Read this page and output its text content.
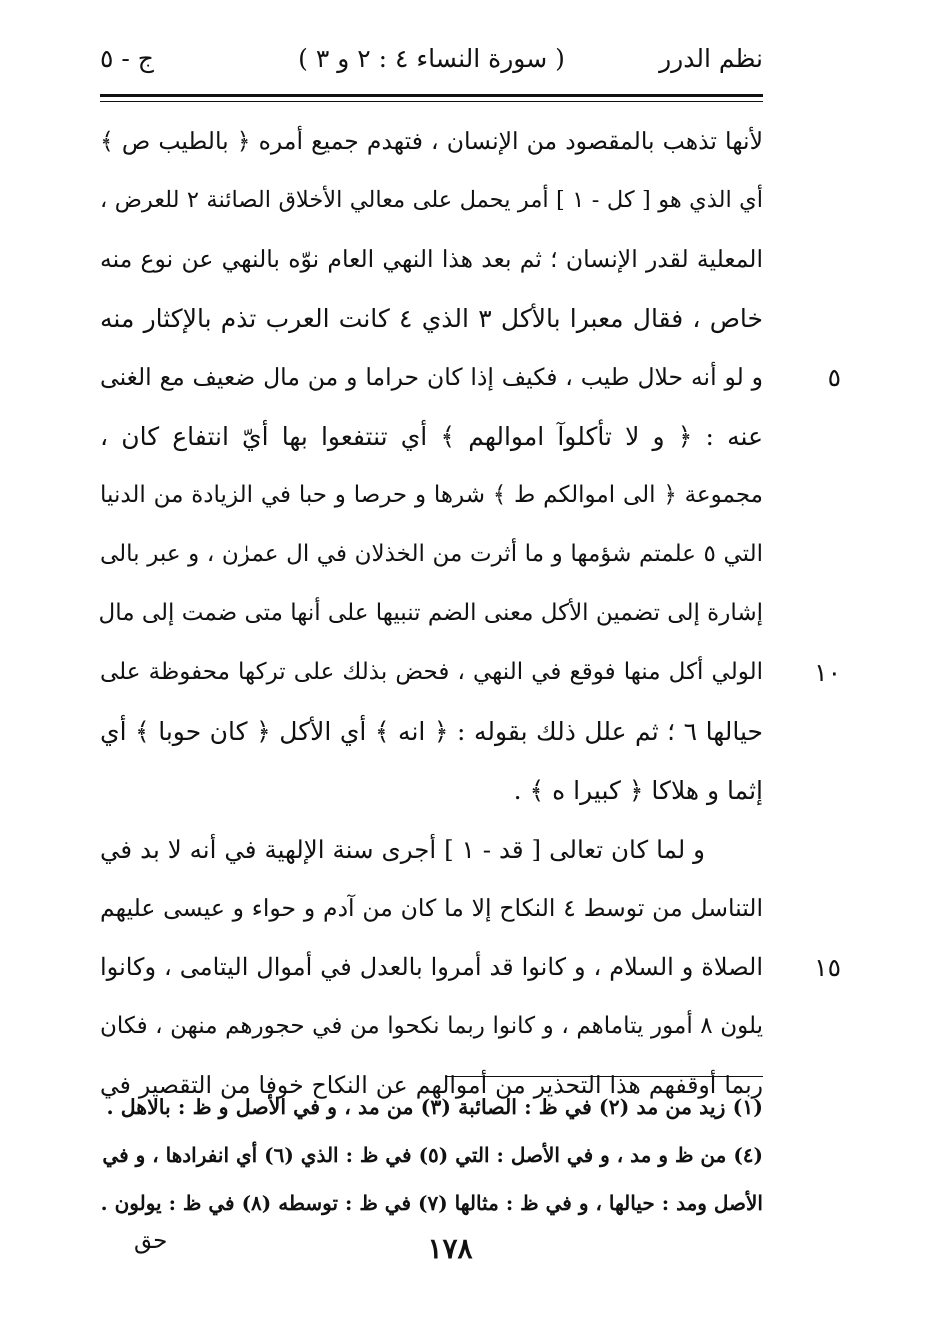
نظم الدرر
( سورة النساء ٤ : ٢ و ٣ )
ج - ٥
لأنها تذهب بالمقصود من الإنسان ، فتهدم جميع أمره ﴿ بالطيب ص ﴾
أي الذي هو [ كل - ١ ] أمر يحمل على معالي الأخلاق الصائنة ٢ للعرض ،
المعلية لقدر الإنسان ؛ ثم بعد هذا النهي العام نوّه بالنهي عن نوع منه
خاص ، فقال معبرا بالأكل ٣ الذي ٤ كانت العرب تذم بالإكثار منه
٥
و لو أنه حلال طيب ، فكيف إذا كان حراما و من مال ضعيف مع الغنى
عنه : ﴿ و لا تأكلوآ اموالهم ﴾ أي تنتفعوا بها أيّ انتفاع كان ،
مجموعة ﴿ الى اموالكم ط ﴾ شرها و حرصا و حبا في الزيادة من الدنيا
التي ٥ علمتم شؤمها و ما أثرت من الخذلان في ال عمرٰن ، و عبر بالى
إشارة إلى تضمين الأكل معنى الضم تنبيها على أنها متى ضمت إلى مال
١٠
الولي أكل منها فوقع في النهي ، فحض بذلك على تركها محفوظة على
حيالها ٦ ؛ ثم علل ذلك بقوله : ﴿ انه ﴾ أي الأكل ﴿ كان حوبا ﴾ أي
إثما و هلاكا ﴿ كبيرا ه ﴾ .
و لما كان تعالى [ قد - ١ ] أجرى سنة الإلهية في أنه لا بد في
التناسل من توسط ٤ النكاح إلا ما كان من آدم و حواء و عيسى عليهم
١٥
الصلاة و السلام ، و كانوا قد أمروا بالعدل في أموال اليتامى ، وكانوا
يلون ٨ أمور يتاماهم ، و كانوا ربما نكحوا من في حجورهم منهن ، فكان
ربما أوقفهم هذا التحذير من أموالهم عن النكاح خوفا من التقصير في
(١) زيد من مد (٢) في ظ : الصائبة (٣) من مد ، و في الأصل و ظ : بالاهل .
(٤) من ظ و مد ، و في الأصل : التي (٥) في ظ : الذي (٦) أي انفرادها ، و في
الأصل ومد : حيالها ، و في ظ : مثالها (٧) في ظ : توسطه (٨) في ظ : يولون .
حق	١٧٨
